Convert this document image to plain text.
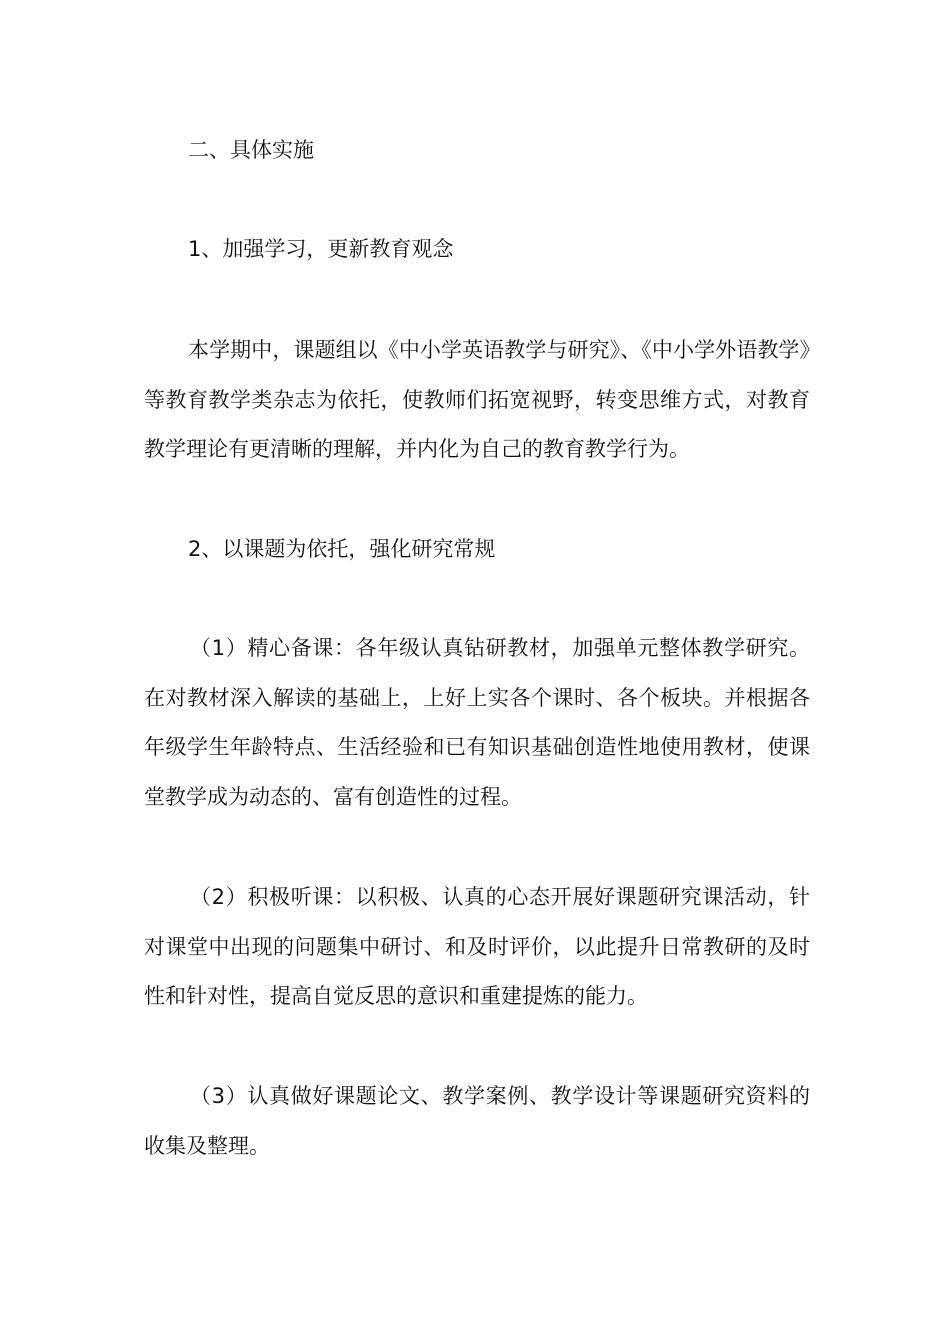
二、具体实施

1、加强学习，更新教育观念

本学期中，课题组以《中小学英语教学与研究》、《中小学外语教学》等教育教学类杂志为依托，使教师们拓宽视野，转变思维方式，对教育教学理论有更清晰的理解，并内化为自己的教育教学行为。

2、以课题为依托，强化研究常规

（1）精心备课：各年级认真钻研教材，加强单元整体教学研究。在对教材深入解读的基础上，上好上实各个课时、各个板块。并根据各年级学生年龄特点、生活经验和已有知识基础创造性地使用教材，使课堂教学成为动态的、富有创造性的过程。

（2）积极听课：以积极、认真的心态开展好课题研究课活动，针对课堂中出现的问题集中研讨、和及时评价，以此提升日常教研的及时性和针对性，提高自觉反思的意识和重建提炼的能力。

（3）认真做好课题论文、教学案例、教学设计等课题研究资料的收集及整理。
